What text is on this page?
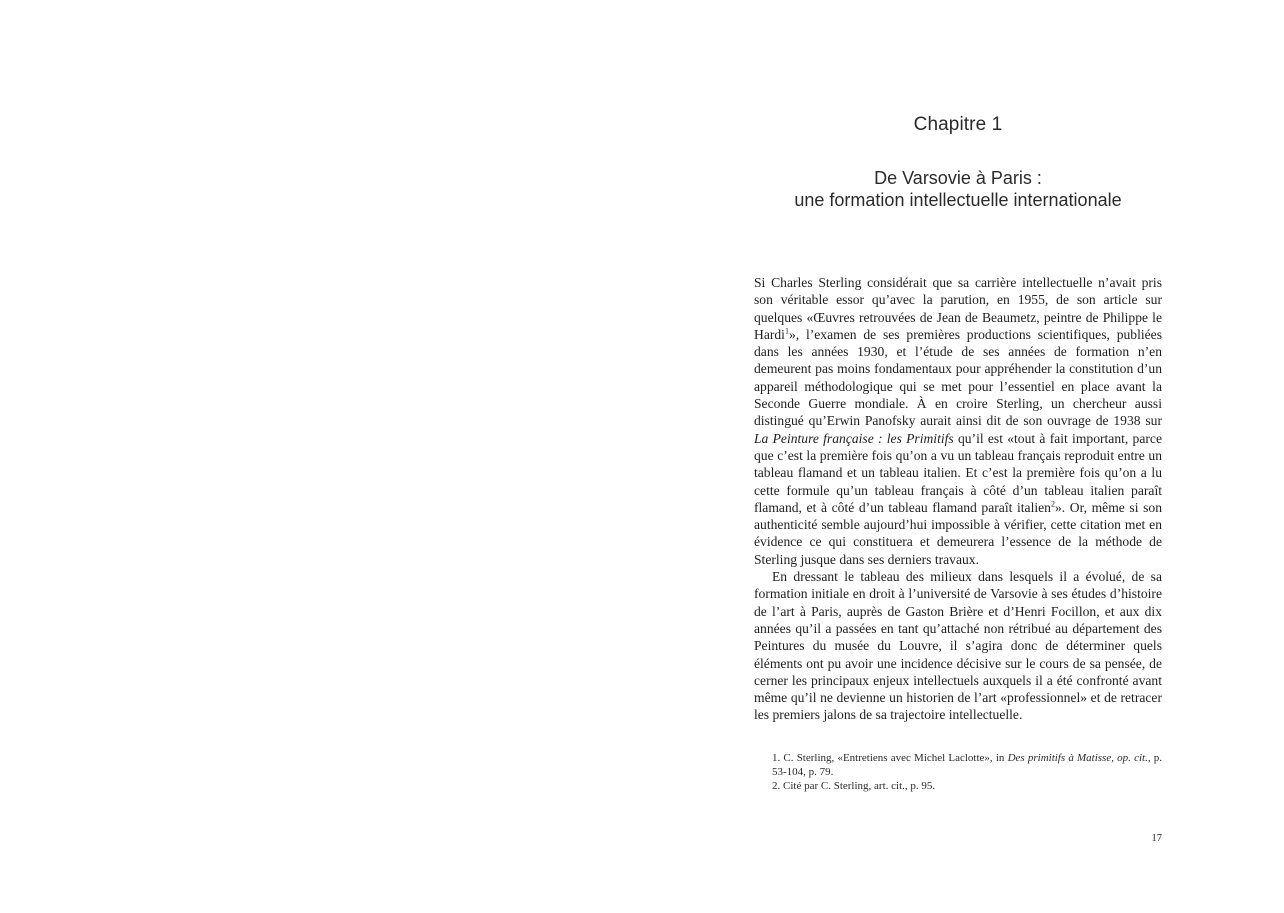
Chapitre 1
De Varsovie à Paris :
une formation intellectuelle internationale

Si Charles Sterling considérait que sa carrière intellectuelle n’avait pris son véritable essor qu’avec la parution, en 1955, de son article sur quelques «Œuvres retrouvées de Jean de Beaumetz, peintre de Philippe le Hardi$^1$», l’examen de ses premières productions scientifiques, publiées dans les années 1930, et l’étude de ses années de formation n’en demeurent pas moins fondamentaux pour appréhender la constitution d’un appareil méthodologique qui se met pour l’essentiel en place avant la Seconde Guerre mondiale. À en croire Sterling, un chercheur aussi distingué qu’Erwin Panofsky aurait ainsi dit de son ouvrage de 1938 sur La Peinture française : les Primitifs qu’il est «tout à fait important, parce que c’est la première fois qu’on a vu un tableau français reproduit entre un tableau flamand et un tableau italien. Et c’est la première fois qu’on a lu cette formule qu’un tableau français à côté d’un tableau italien paraît flamand, et à côté d’un tableau flamand paraît italien$^2$». Or, même si son authenticité semble aujourd’hui impossible à vérifier, cette citation met en évidence ce qui constituera et demeurera l’essence de la méthode de Sterling jusque dans ses derniers travaux.

En dressant le tableau des milieux dans lesquels il a évolué, de sa formation initiale en droit à l’université de Varsovie à ses études d’histoire de l’art à Paris, auprès de Gaston Brière et d’Henri Focillon, et aux dix années qu’il a passées en tant qu’attaché non rétribué au département des Peintures du musée du Louvre, il s’agira donc de déterminer quels éléments ont pu avoir une incidence décisive sur le cours de sa pensée, de cerner les principaux enjeux intellectuels auxquels il a été confronté avant même qu’il ne devienne un historien de l’art «professionnel» et de retracer les premiers jalons de sa trajectoire intellectuelle.

1. C. Sterling, «Entretiens avec Michel Laclotte», in Des primitifs à Matisse, op. cit., p. 53-104, p. 79.

2. Cité par C. Sterling, art. cit., p. 95.

17
